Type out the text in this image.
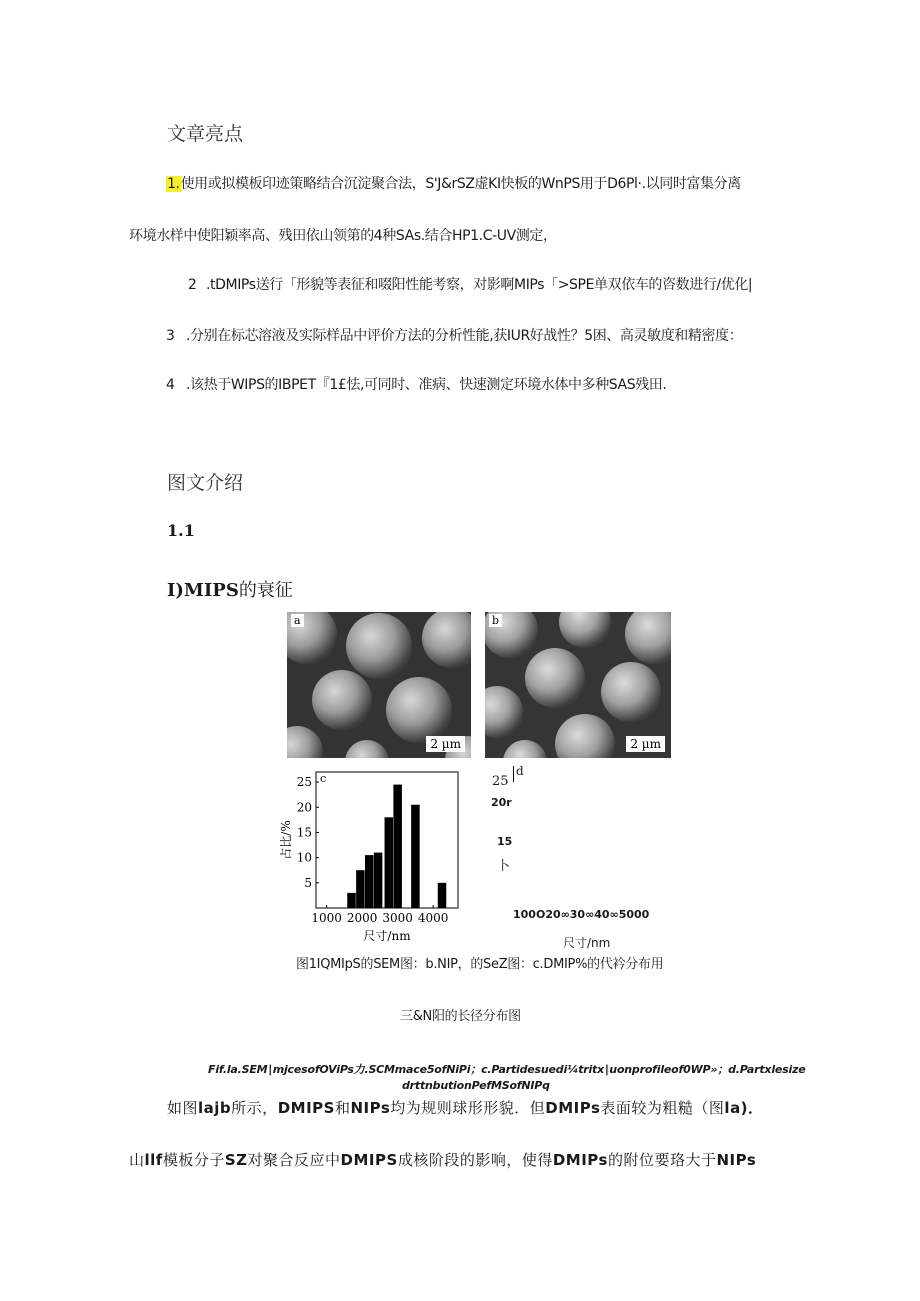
文章亮点
1.使用或拟模板印迹策略结合沉淀聚合法，S'J&rSZ虚KI快板的WnPS用于D6Pl·.以同时富集分离
环境水样中使阳颖率高、残田依山领第的4种SAs.结合HP1.C-UV测定，
2 .tDMIPs送行「形貌等表征和啜阳性能考察，对影啊MIPs「>SPE单双依车的咨数进行/优化|
3 .分别在标芯溶液及实际样品中评价方法的分析性能,获IUR好战性？5困、高灵敏度和精密度：
4 .该热于WIPS的IBPET『1£怯,可同时、准病、快速测定环境水体中多种SAS残田.
图文介绍
1.1
I)MIPS的衰征
a
2 µm
b
2 µm
5
10
15
20
25
1000 2000 3000 4000
c
尺寸/nm
占比/%
25
d
20r
15
卜
100O20∞30∞40∞5000
尺寸/nm
图1IQMIpS的SEM图：b.NIP，的SeZ图：c.DMIP%的代衿分布用
三&N阳的长径分布图
Fif.la.SEM∣mjcesofOViPs力.SCMmace5ofNiPi；c.Partidesuedi¼tritx∣uonprofileof0WP»；d.Partxlesize
drttnbutionPefMSofNIPq
如图lajb所示，DMIPS和NIPs均为规则球形形貌．但DMIPs表面较为粗糙（图la)．
山llf模板分子SZ对聚合反应中DMIPS成核阶段的影响，使得DMIPs的附位要珞大于NIPs
